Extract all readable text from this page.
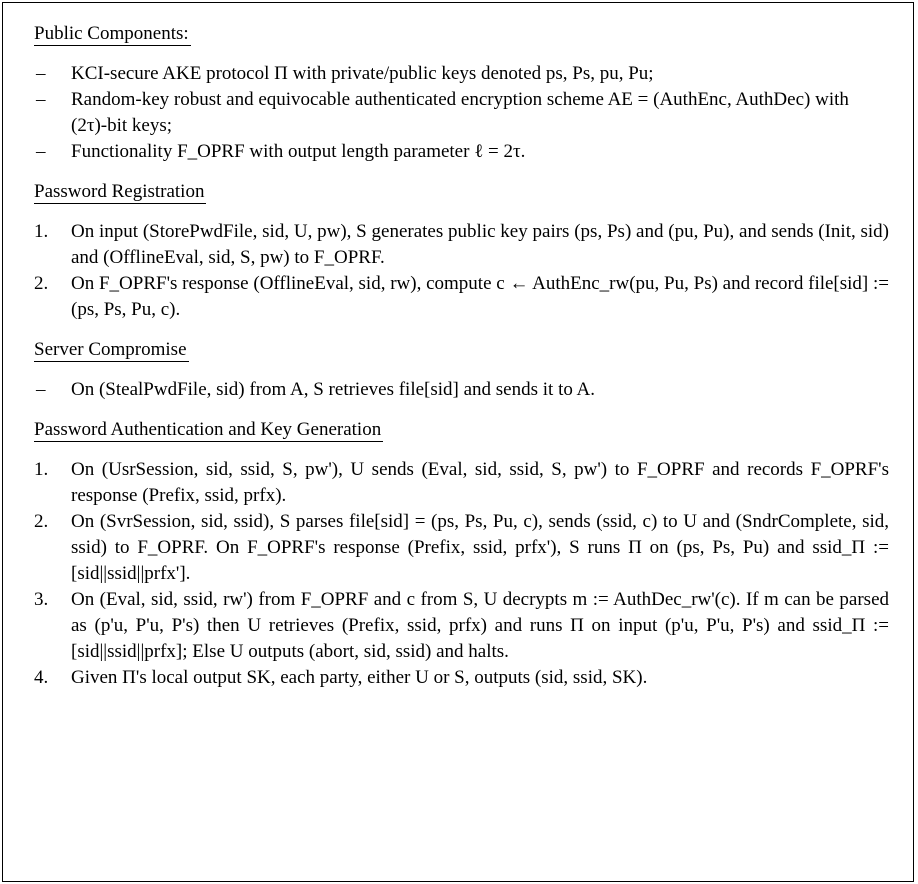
Public Components:
– KCI-secure AKE protocol Π with private/public keys denoted ps, Ps, pu, Pu;
– Random-key robust and equivocable authenticated encryption scheme AE = (AuthEnc, AuthDec) with (2τ)-bit keys;
– Functionality F_OPRF with output length parameter ℓ = 2τ.
Password Registration
1. On input (StorePwdFile, sid, U, pw), S generates public key pairs (ps, Ps) and (pu, Pu), and sends (Init, sid) and (OfflineEval, sid, S, pw) to F_OPRF.
2. On F_OPRF's response (OfflineEval, sid, rw), compute c ← AuthEnc_rw(pu, Pu, Ps) and record file[sid] := (ps, Ps, Pu, c).
Server Compromise
– On (StealPwdFile, sid) from A, S retrieves file[sid] and sends it to A.
Password Authentication and Key Generation
1. On (UsrSession, sid, ssid, S, pw'), U sends (Eval, sid, ssid, S, pw') to F_OPRF and records F_OPRF's response (Prefix, ssid, prfx).
2. On (SvrSession, sid, ssid), S parses file[sid] = (ps, Ps, Pu, c), sends (ssid, c) to U and (SndrComplete, sid, ssid) to F_OPRF. On F_OPRF's response (Prefix, ssid, prfx'), S runs Π on (ps, Ps, Pu) and ssid_Π := [sid||ssid||prfx'].
3. On (Eval, sid, ssid, rw') from F_OPRF and c from S, U decrypts m := AuthDec_rw'(c). If m can be parsed as (p'u, P'u, P's) then U retrieves (Prefix, ssid, prfx) and runs Π on input (p'u, P'u, P's) and ssid_Π := [sid||ssid||prfx]; Else U outputs (abort, sid, ssid) and halts.
4. Given Π's local output SK, each party, either U or S, outputs (sid, ssid, SK).
